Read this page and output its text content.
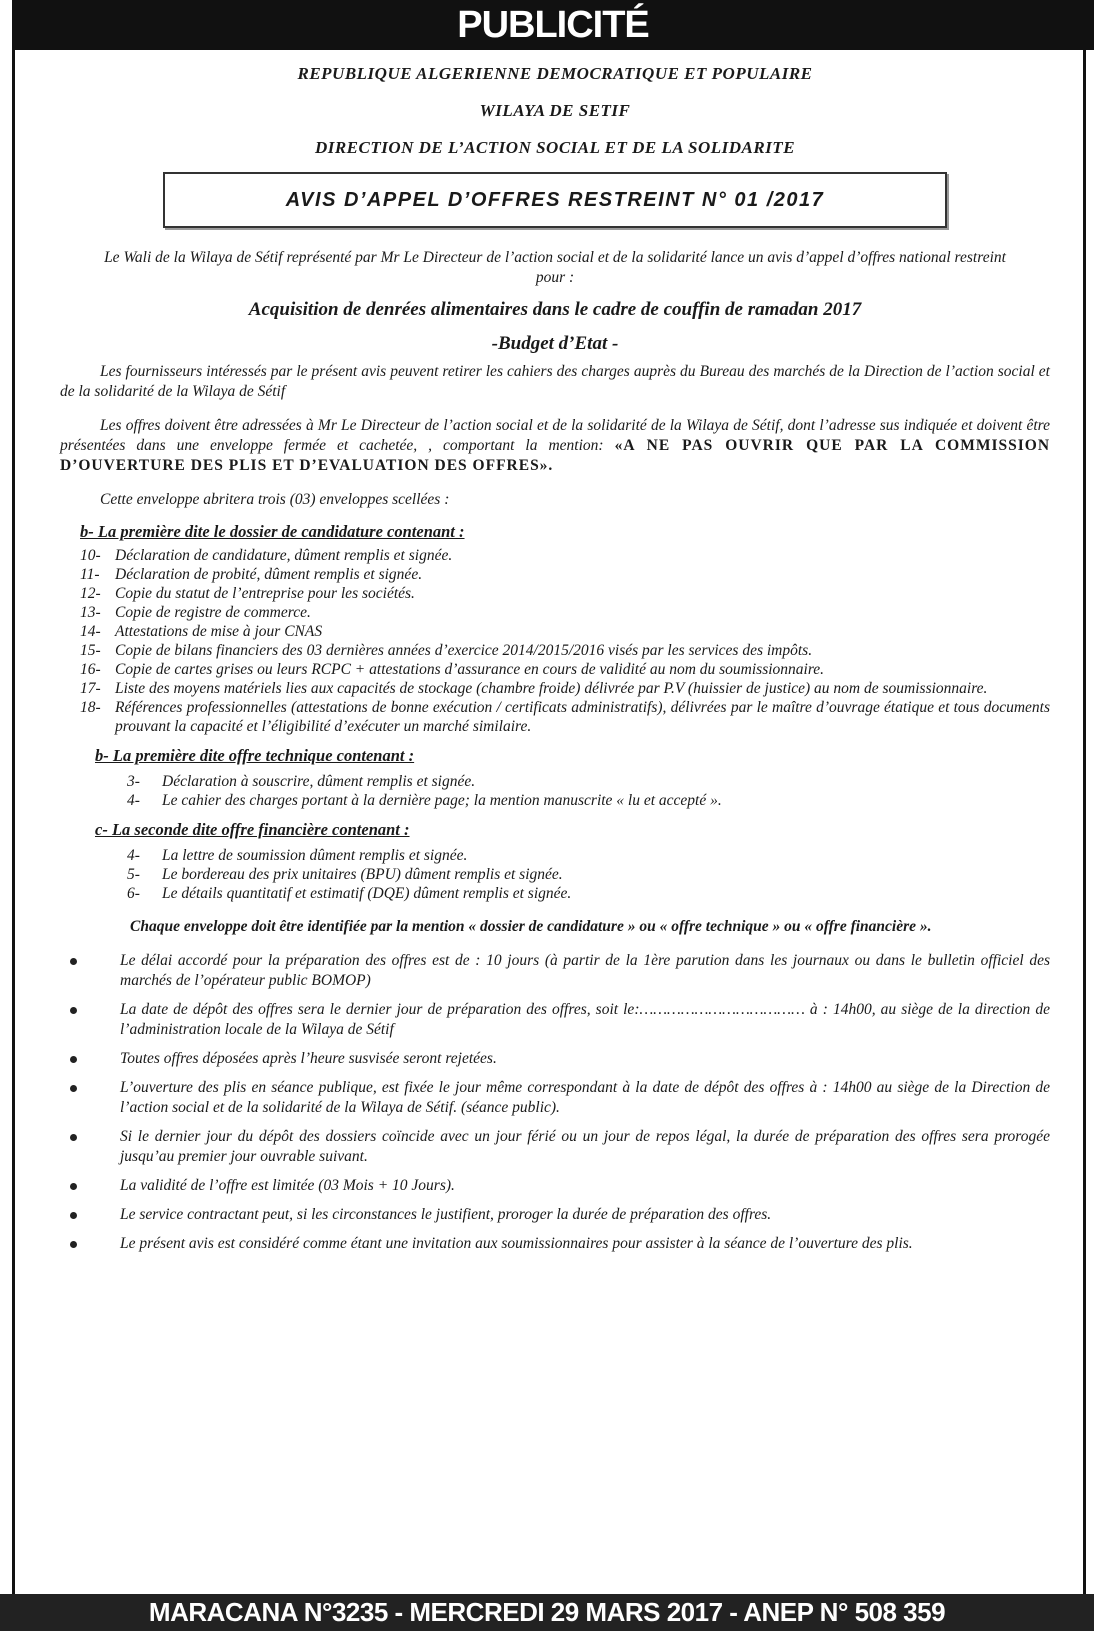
PUBLICITÉ

REPUBLIQUE ALGERIENNE DEMOCRATIQUE ET POPULAIRE

WILAYA DE SETIF

DIRECTION DE L’ACTION SOCIAL ET DE LA SOLIDARITE

AVIS D’APPEL D’OFFRES RESTREINT N° 01 /2017

Le Wali de la Wilaya de Sétif représenté par Mr Le Directeur de l’action social et de la solidarité lance un avis d’appel d’offres national restreint pour :

Acquisition de denrées alimentaires dans le cadre de couffin de ramadan 2017

-Budget d’Etat -

Les fournisseurs intéressés par le présent avis peuvent retirer les cahiers des charges auprès du Bureau des marchés de la Direction de l’action social et de la solidarité de la Wilaya de Sétif

Les offres doivent être adressées à Mr Le Directeur de l’action social et de la solidarité de la Wilaya de Sétif, dont l’adresse sus indiquée et doivent être présentées dans une enveloppe fermée et cachetée, , comportant la mention: «A NE PAS OUVRIR QUE PAR LA COMMISSION D’OUVERTURE DES PLIS ET D’EVALUATION DES OFFRES».

Cette enveloppe abritera trois (03) enveloppes scellées :

b- La première dite le dossier de candidature contenant :
10- Déclaration de candidature, dûment remplis et signée.
11- Déclaration de probité, dûment remplis et signée.
12- Copie du statut de l’entreprise pour les sociétés.
13- Copie de registre de commerce.
14- Attestations de mise à jour CNAS
15- Copie de bilans financiers des 03 dernières années d’exercice 2014/2015/2016 visés par les services des impôts.
16- Copie de cartes grises ou leurs RCPC + attestations d’assurance en cours de validité au nom du soumissionnaire.
17- Liste des moyens matériels lies aux capacités de stockage (chambre froide) délivrée par P.V (huissier de justice) au nom de soumissionnaire.
18- Références professionnelles (attestations de bonne exécution / certificats administratifs), délivrées par le maître d’ouvrage étatique et tous documents prouvant la capacité et l’éligibilité d’exécuter un marché similaire.
b- La première dite offre technique contenant :
3- Déclaration à souscrire, dûment remplis et signée.
4- Le cahier des charges portant à la dernière page; la mention manuscrite « lu et accepté ».
c- La seconde dite offre financière contenant :
4- La lettre de soumission dûment remplis et signée.
5- Le bordereau des prix unitaires (BPU) dûment remplis et signée.
6- Le détails quantitatif et estimatif (DQE) dûment remplis et signée.

Chaque enveloppe doit être identifiée par la mention « dossier de candidature » ou « offre technique » ou « offre financière ».

Le délai accordé pour la préparation des offres est de : 10 jours (à partir de la 1ère parution dans les journaux ou dans le bulletin officiel des marchés de l’opérateur public BOMOP)
La date de dépôt des offres sera le dernier jour de préparation des offres, soit le:……………………………… à : 14h00, au siège de la direction de l’administration locale de la Wilaya de Sétif
Toutes offres déposées après l’heure susvisée seront rejetées.
L’ouverture des plis en séance publique, est fixée le jour même correspondant à la date de dépôt des offres à : 14h00 au siège de la Direction de l’action social et de la solidarité de la Wilaya de Sétif. (séance public).
Si le dernier jour du dépôt des dossiers coïncide avec un jour férié ou un jour de repos légal, la durée de préparation des offres sera prorogée jusqu’au premier jour ouvrable suivant.
La validité de l’offre est limitée (03 Mois + 10 Jours).
Le service contractant peut, si les circonstances le justifient, proroger la durée de préparation des offres.
Le présent avis est considéré comme étant une invitation aux soumissionnaires pour assister à la séance de l’ouverture des plis.
MARACANA N°3235 - MERCREDI 29 MARS 2017 - ANEP N° 508 359
